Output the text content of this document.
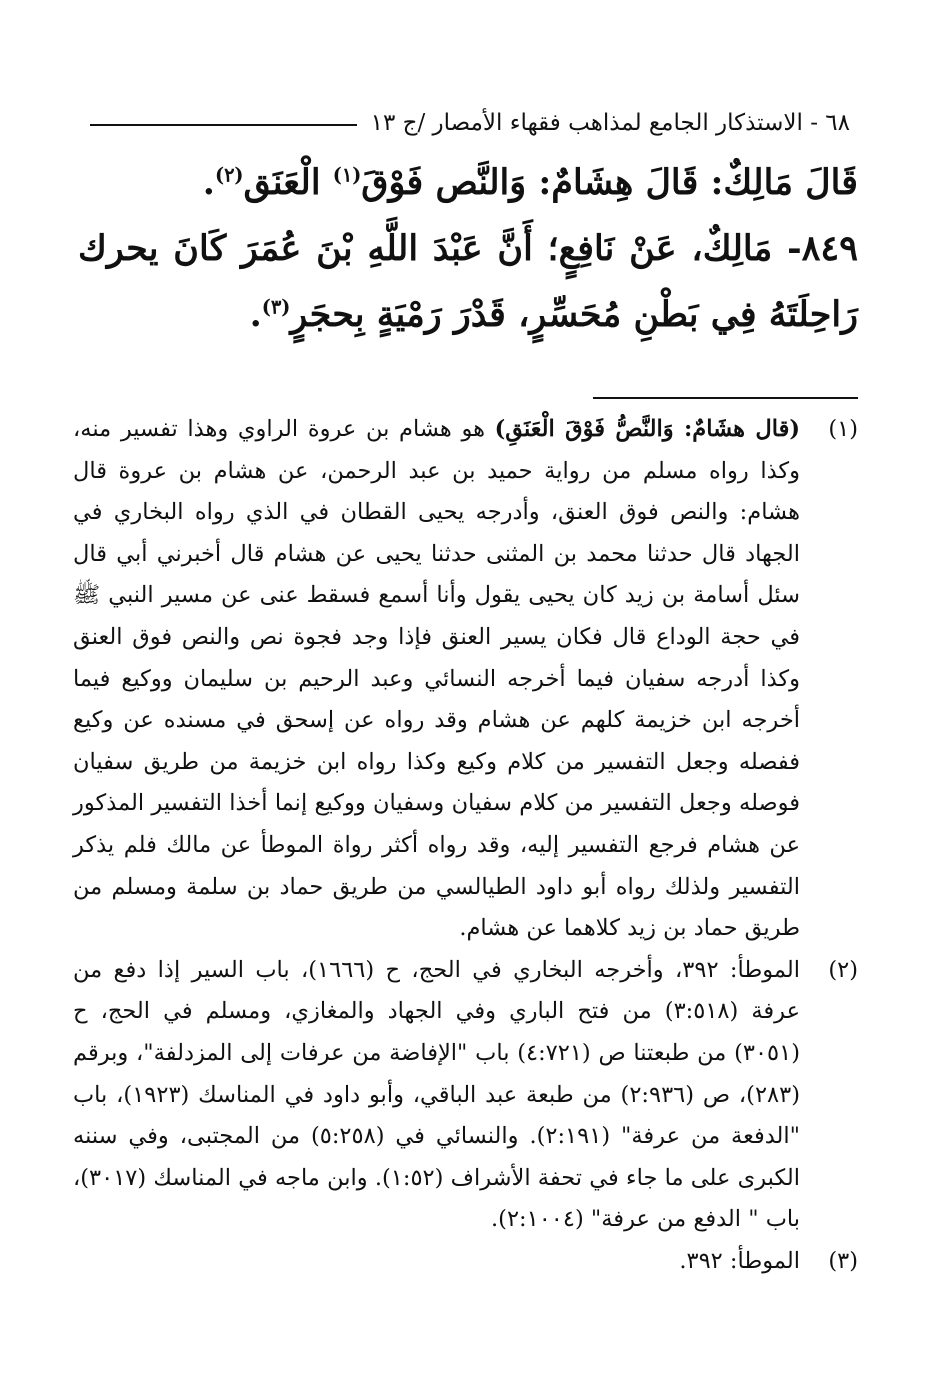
٦٨ - الاستذكار الجامع لمذاهب فقهاء الأمصار /ج ١٣

قَالَ مَالِكٌ: قَالَ هِشَامٌ: وَالنَّص فَوْقَ$^{(١)}$ الْعَنَق$^{(٢)}$.

٨٤٩- مَالِكٌ، عَنْ نَافِعٍ؛ أَنَّ عَبْدَ اللَّهِ بْنَ عُمَرَ كَانَ يحرك رَاحِلَتَهُ فِي بَطْنِ مُحَسِّرٍ، قَدْرَ رَمْيَةٍ بِحجَرٍ$^{(٣)}$.

(١)
(قال هشَامٌ: وَالنَّصُّ فَوْقَ الْعَنَقِ) هو هشام بن عروة الراوي وهذا تفسير منه، وكذا رواه مسلم من رواية حميد بن عبد الرحمن، عن هشام بن عروة قال هشام: والنص فوق العنق، وأدرجه يحيى القطان في الذي رواه البخاري في الجهاد قال حدثنا محمد بن المثنى حدثنا يحيى عن هشام قال أخبرني أبي قال سئل أسامة بن زيد كان يحيى يقول وأنا أسمع فسقط عنى عن مسير النبي ﷺ في حجة الوداع قال فكان يسير العنق فإذا وجد فجوة نص والنص فوق العنق وكذا أدرجه سفيان فيما أخرجه النسائي وعبد الرحيم بن سليمان ووكيع فيما أخرجه ابن خزيمة كلهم عن هشام وقد رواه عن إسحق في مسنده عن وكيع ففصله وجعل التفسير من كلام وكيع وكذا رواه ابن خزيمة من طريق سفيان فوصله وجعل التفسير من كلام سفيان وسفيان ووكيع إنما أخذا التفسير المذكور عن هشام فرجع التفسير إليه، وقد رواه أكثر رواة الموطأ عن مالك فلم يذكر التفسير ولذلك رواه أبو داود الطيالسي من طريق حماد بن سلمة ومسلم من طريق حماد بن زيد كلاهما عن هشام.
(٢)
الموطأ: ٣٩٢، وأخرجه البخاري في الحج، ح (١٦٦٦)، باب السير إذا دفع من عرفة (٣:٥١٨) من فتح الباري وفي الجهاد والمغازي، ومسلم في الحج، ح (٣٠٥١) من طبعتنا ص (٤:٧٢١) باب "الإفاضة من عرفات إلى المزدلفة"، وبرقم (٢٨٣)، ص (٢:٩٣٦) من طبعة عبد الباقي، وأبو داود في المناسك (١٩٢٣)، باب "الدفعة من عرفة" (٢:١٩١). والنسائي في (٥:٢٥٨) من المجتبى، وفي سننه الكبرى على ما جاء في تحفة الأشراف (١:٥٢). وابن ماجه في المناسك (٣٠١٧)، باب " الدفع من عرفة" (٢:١٠٠٤).
(٣)
الموطأ: ٣٩٢.
